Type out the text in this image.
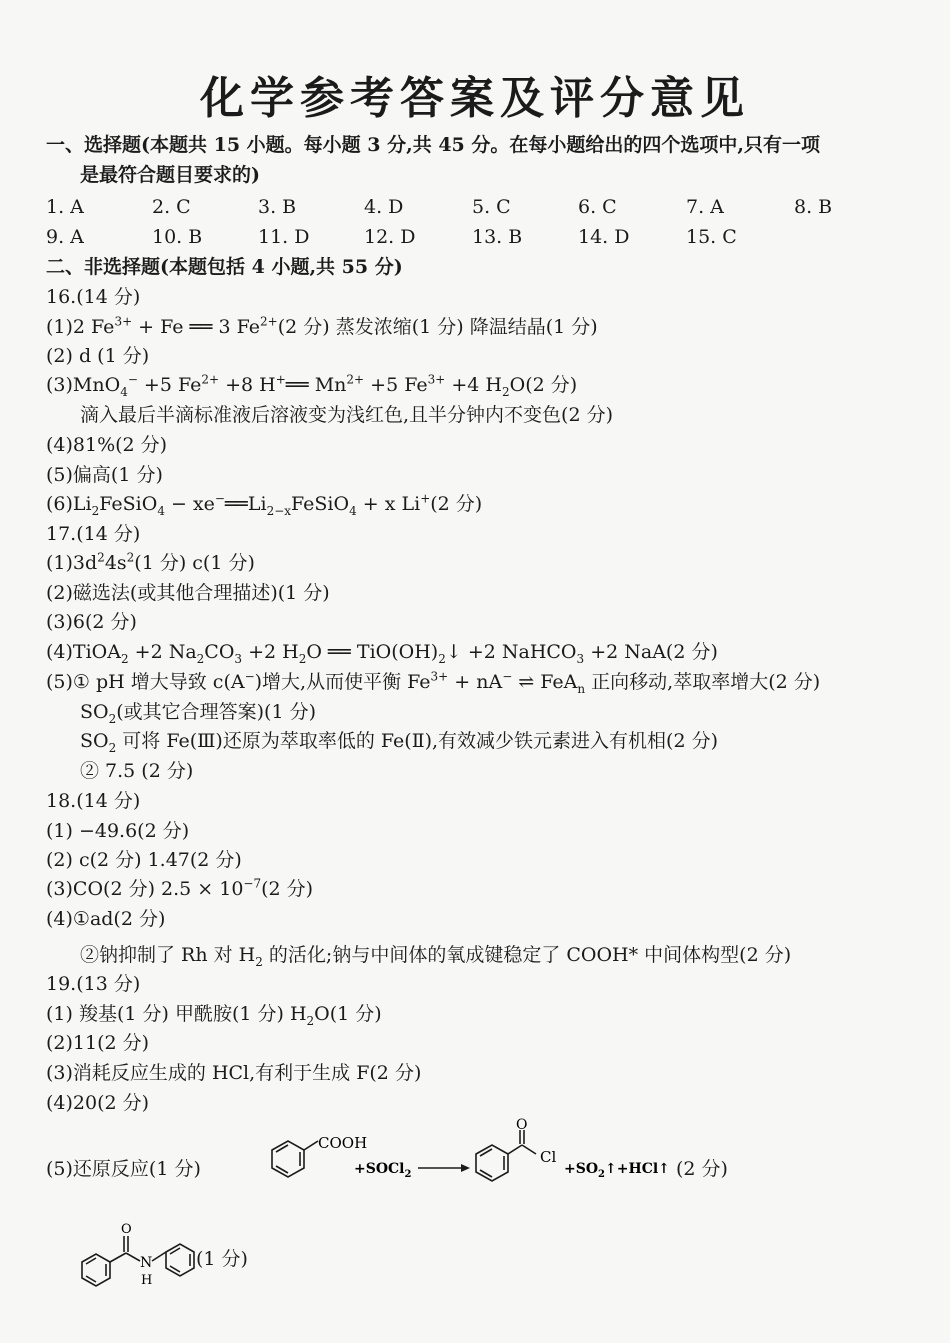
化学参考答案及评分意见
一、选择题(本题共 15 小题。每小题 3 分,共 45 分。在每小题给出的四个选项中,只有一项
是最符合题目要求的)
1. A	2. C	3. B	4. D	5. C	6. C	7. A	8. B
9. A	10. B	11. D	12. D	13. B	14. D	15. C
二、非选择题(本题包括 4 小题,共 55 分)
16.(14 分)
(1)2 $Fe^{3+} + Fe$ ══ 3 $Fe^{2+}(2$ 分) 蒸发浓缩(1 分) 降温结晶(1 分)
(2) d (1 分)
(3)MnO$_4$− +5 $Fe^{2+} +8$ H+══ $Mn^{2+} +5$ $Fe^{3+} +4$ $H_2O(2$ 分)
滴入最后半滴标准液后溶液变为浅红色,且半分钟内不变色(2 分)
(4)81%(2 分)
(5)偏高(1 分)
$(6)Li_2FeSiO_4$ − $xe^-══Li_{2-x}FeSiO_4 + x$ Li+(2 分)
17.(14 分)
$(1)3d^24s^2(1$ 分) c(1 分)
(2)磁选法(或其他合理描述)(1 分)
(3)6(2 分)
(4)TiOA$_2$ +2 $Na_2CO_3 +2$ $H_2O$ ══ $TiO(OH)_2↓ +2$ NaHCO$_3$ +2 NaA(2 分)
(5)① pH 增大导致 c(A−)增大,从而使平衡 $Fe^{3+} + nA^-$ ⇌ FeA$_n$ 正向移动,萃取率增大(2 分)
$SO_2$(或其它合理答案)(1 分)
$SO_2$ 可将 Fe(Ⅲ)还原为萃取率低的 Fe(Ⅱ),有效减少铁元素进入有机相(2 分)
② 7.5 (2 分)
18.(14 分)
(1) −49.6(2 分)
(2) c(2 分) 1.47(2 分)
(3)CO(2 分) $2.5 \times 10^{-7}(2$ 分)
(4)①ad(2 分)
②钠抑制了 Rh 对 $H_2$ 的活化;钠与中间体的氧成键稳定了 COOH* 中间体构型(2 分)
19.(13 分)
(1) 羧基(1 分) 甲酰胺(1 分) $H_2O(1$ 分)
(2)11(2 分)
(3)消耗反应生成的 HCl,有利于生成 F(2 分)
(4)20(2 分)
(5)还原反应(1 分)
COOH
+SOCl$_2$
O
Cl
$+SO_2↑+HCl↑$ (2 分)
O
N
H
(1 分)
